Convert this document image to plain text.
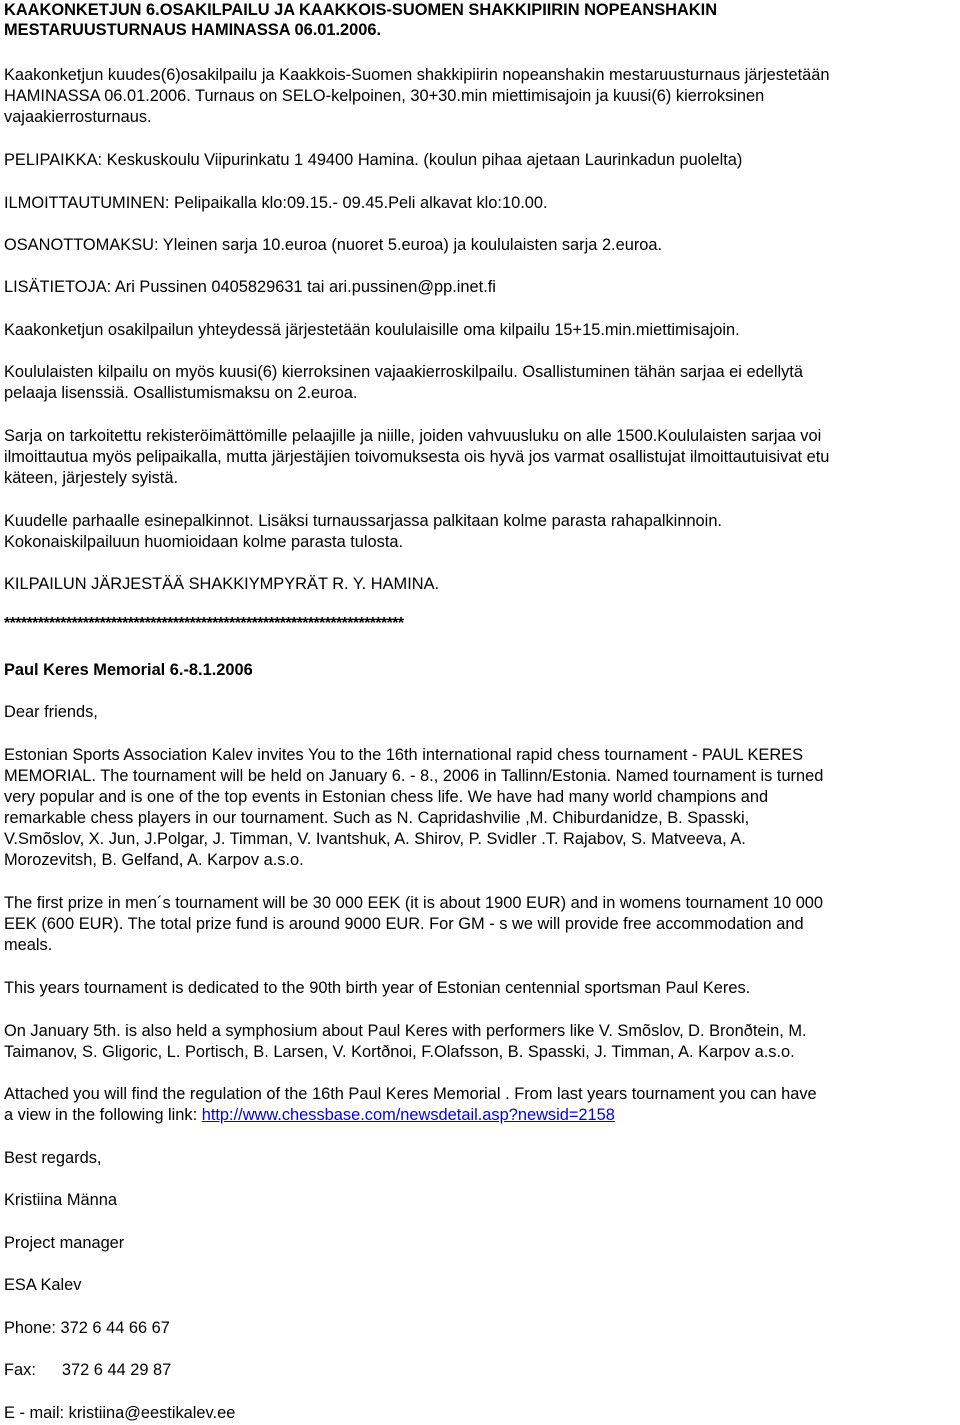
KAAKONKETJUN 6.OSAKILPAILU JA KAAKKOIS-SUOMEN SHAKKIPIIRIN NOPEANSHAKIN
MESTARUUSTURNAUS HAMINASSA 06.01.2006.
Kaakonketjun kuudes(6)osakilpailu ja Kaakkois-Suomen shakkipiirin nopeanshakin mestaruusturnaus järjestetään
HAMINASSA 06.01.2006. Turnaus on SELO-kelpoinen, 30+30.min miettimisajoin ja kuusi(6) kierroksinen
vajaakierrosturnaus.
PELIPAIKKA: Keskuskoulu Viipurinkatu 1 49400 Hamina. (koulun pihaa ajetaan Laurinkadun puolelta)
ILMOITTAUTUMINEN: Pelipaikalla klo:09.15.- 09.45.Peli alkavat klo:10.00.
OSANOTTOMAKSU: Yleinen sarja 10.euroa (nuoret 5.euroa) ja koululaisten sarja 2.euroa.
LISÄTIETOJA: Ari Pussinen 0405829631 tai ari.pussinen@pp.inet.fi
Kaakonketjun osakilpailun yhteydessä järjestetään koululaisille oma kilpailu 15+15.min.miettimisajoin.
Koululaisten kilpailu on myös kuusi(6) kierroksinen vajaakierroskilpailu. Osallistuminen tähän sarjaa ei edellytä
pelaaja lisenssiä. Osallistumismaksu on 2.euroa.
Sarja on tarkoitettu rekisteröimättömille pelaajille ja niille, joiden vahvuusluku on alle 1500.Koululaisten sarjaa voi
ilmoittautua myös pelipaikalla, mutta järjestäjien toivomuksesta ois hyvä jos varmat osallistujat ilmoittautuisivat etu
käteen, järjestely syistä.
Kuudelle parhaalle esinepalkinnot. Lisäksi turnaussarjassa palkitaan kolme parasta rahapalkinnoin.
Kokonaiskilpailuun huomioidaan kolme parasta tulosta.
KILPAILUN JÄRJESTÄÄ SHAKKIYMPYRÄT R. Y. HAMINA.
***********************************************************************
Paul Keres Memorial 6.-8.1.2006
Dear friends,
Estonian Sports Association Kalev invites You to the 16th international rapid chess tournament - PAUL KERES
MEMORIAL. The tournament will be held on January 6. - 8., 2006 in Tallinn/Estonia. Named tournament is turned
very popular and is one of the top events in Estonian chess life. We have had many world champions and
remarkable chess players in our tournament. Such as N. Capridashvilie ,M. Chiburdanidze, B. Spasski,
V.Smõslov, X. Jun, J.Polgar, J. Timman, V. Ivantshuk, A. Shirov, P. Svidler .T. Rajabov, S. Matveeva, A.
Morozevitsh, B. Gelfand, A. Karpov a.s.o.
The first prize in men´s tournament will be 30 000 EEK (it is about 1900 EUR) and in womens tournament 10 000
EEK (600 EUR). The total prize fund is around 9000 EUR. For GM - s we will provide free accommodation and
meals.
This years tournament is dedicated to the 90th birth year of Estonian centennial sportsman Paul Keres.
On January 5th. is also held a symphosium about Paul Keres with performers like V. Smõslov, D. Bronðtein, M.
Taimanov, S. Gligoric, L. Portisch, B. Larsen, V. Kortðnoi, F.Olafsson, B. Spasski, J. Timman, A. Karpov a.s.o.
Attached you will find the regulation of the 16th Paul Keres Memorial . From last years tournament you can have
a view in the following link: http://www.chessbase.com/newsdetail.asp?newsid=2158
Best regards,
Kristiina Männa
Project manager
ESA Kalev
Phone: 372 6 44 66 67
Fax: 372 6 44 29 87
E - mail: kristiina@eestikalev.ee
